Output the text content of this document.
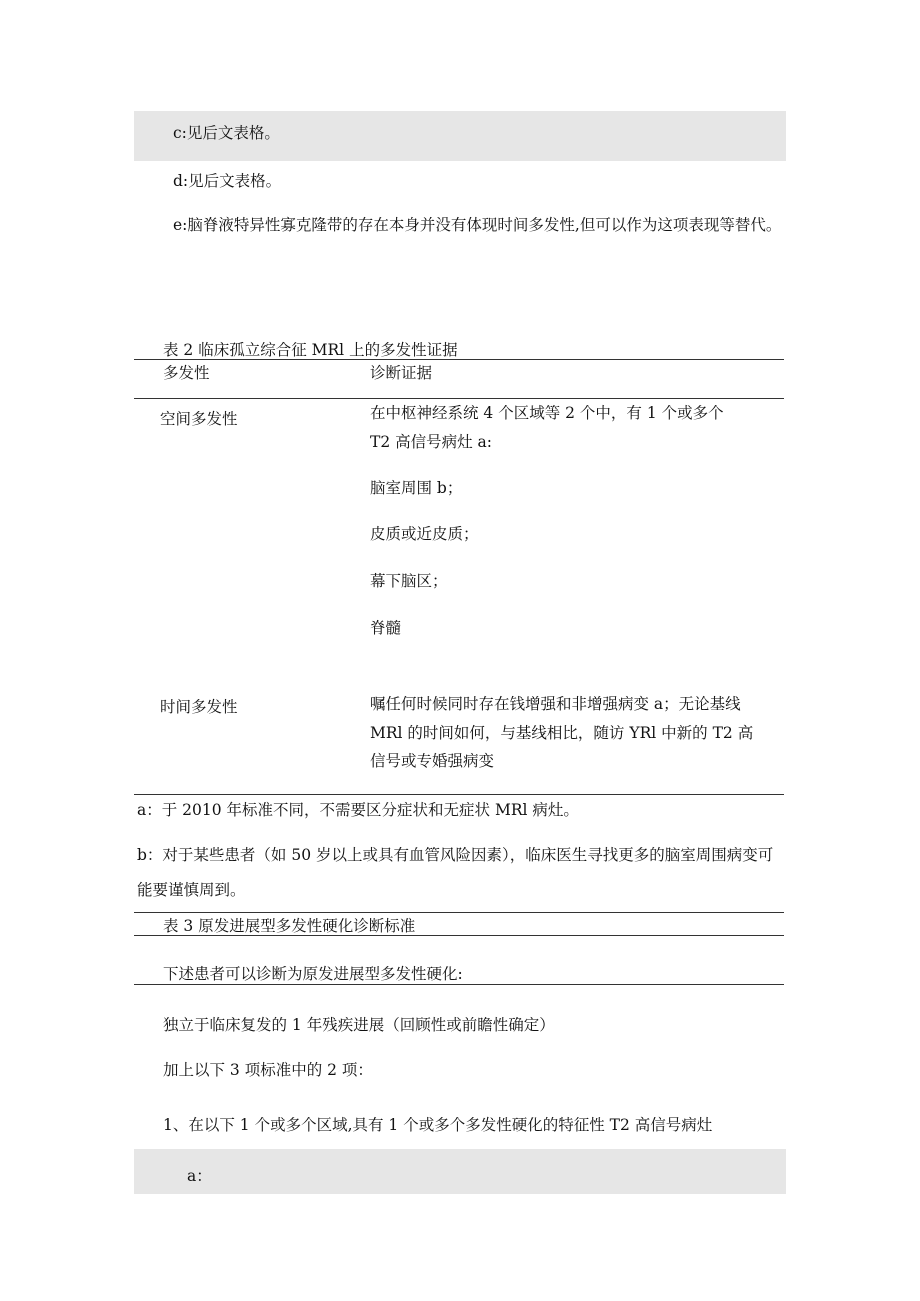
c:见后文表格。
d:见后文表格。
e:脑脊液特异性寡克隆带的存在本身并没有体现时间多发性,但可以作为这项表现等替代。
表 2 临床孤立综合征 MRl 上的多发性证据
多发性	诊断证据
空间多发性	在中枢神经系统 4 个区域等 2 个中，有 1 个或多个
T2 高信号病灶 a:
脑室周围 b；
皮质或近皮质；
幕下脑区；
脊髓
时间多发性	嘱任何时候同时存在钱增强和非增强病变 a；无论基线
MRl 的时间如何，与基线相比，随访 YRl 中新的 T2 高
信号或专婚强病变
a：于 2010 年标准不同，不需要区分症状和无症状 MRl 病灶。
b：对于某些患者（如 50 岁以上或具有血管风险因素），临床医生寻找更多的脑室周围病变可能要谨慎周到。
表 3 原发进展型多发性硬化诊断标准
下述患者可以诊断为原发进展型多发性硬化:
独立于临床复发的 1 年残疾进展（回顾性或前瞻性确定）
加上以下 3 项标准中的 2 项：
1、在以下 1 个或多个区域,具有 1 个或多个多发性硬化的特征性 T2 高信号病灶
a：
